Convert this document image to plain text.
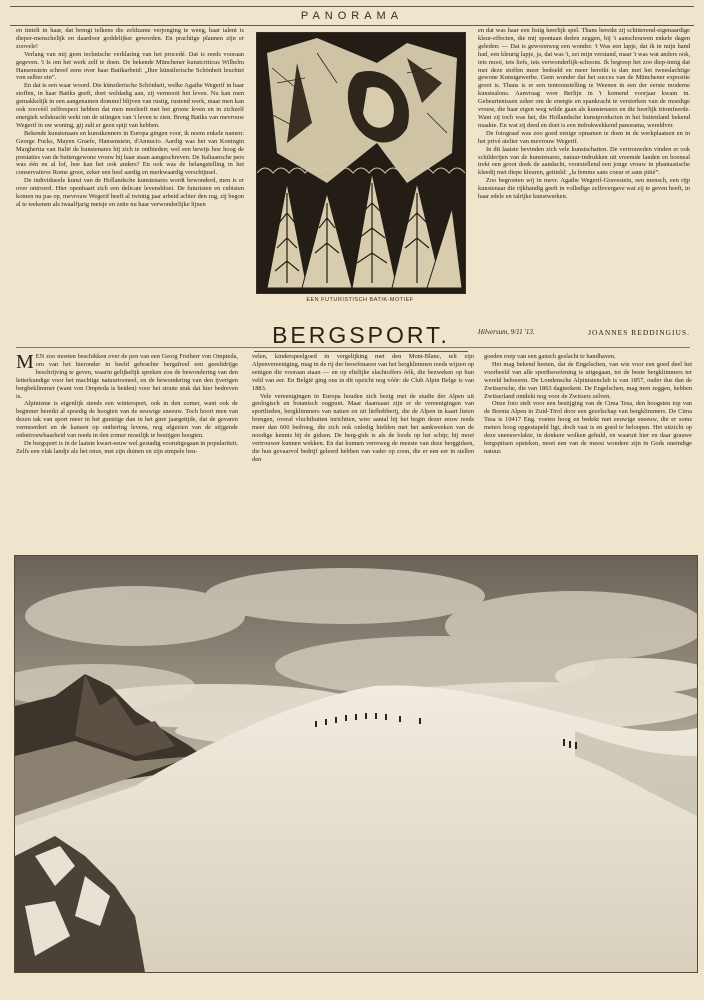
PANORAMA

en tintelt in haar, dat brengt telkens die zeldzame verjonging te weeg, haar talent is dieper-menschelijk en daardoor goddelijker geworden. En prachtige plannen zijn er zoovele!

Verlang van mij geen technische verklaring van het procedé. Dat is reeds vooraan gegeven. 't Is om het werk zelf te doen. De bekende Münchener kunstcriticus Wilhelm Hansenstein schreef eens over haar Batikarbeid: „Ihre künstlerische Schönheit leuchtet von selber ein”.

En dat is een waar woord. Die künstlerische Schönheit, welke Agathe Wegerif in haar stoffen, in haar Batiks geeft, doet weldadig aan, zij vermooit het leven. Nu kan men gemakkelijk in een aangenamen dommel blijven van rustig, rustend werk, maar men kan ook zoovéél zelfrespect hebben dat men meeleeft met het groote leven en in zichzelf energiek wilskracht wekt om de uitingen van 't leven te zien. Breng Batiks van mevrouw Wegerif in uw woning, gij zult er geen spijt van hebben.

Bekende kunstenaars en kunstkenners in Europa gingen voor, ik noem enkele namen: George Fucks, Mayen Graefe, Hansenstein, d'Annucio. Aardig was het van Koningin Margherita van Italië de kunstenares bij zich te ontbieden; wel een bewijs hoe hoog de prestaties van de buitengewone vrouw bij haar staan aangeschreven. De Italiaansche pers was één en al lof, hoe kan het ook anders? En ook was de belangstelling in het conservatieve Rome groot, zeker een heel aardig en merkwaardig verschijnsel.

De individueele kunst van de Hollandsche kunstenares wordt bewonderd, men is er over ontroerd. Hier openbaart zich een delicate levensbloei. De futuristen en cubisten komen nu pas op, mevrouw Wegerif heeft al twintig jaar arbeid achter den rug, zij begon al te teekenen als twaalfjarig meisje en zette nu haar verwonderlijke lijnen

EEN FUTURISTISCH BATIK-MOTIEF

en dat was haar een listig heerlijk spel. Thans bereikt zij schitterend-eigenaardige kleur-effecten, die mij spontaan deden zeggen, bij 't aanschouwen enkele dagen geleden: — Dat is gewoonweg een wonder. 't Was een lapje, dat ik in mijn hand had, een kleurig lapje, ja, dat was 't, zei mijn verstand, maar 't was wat anders ook, iets mooi, iets liefs, iets verwonderlijk-schoons. Ik begreep het zoo diep-innig dat met deze stoffen meer bedoeld en meer bereikt is dan met het tweeslachtige gewone Kunstgewerbe. Geen wonder dat het succes van de Münchener expositie groot is. Thans is er een tentoonstelling te Weenen in een der eerste moderne kunstsalons. Aanvraag voor Berlijn in 't komend voorjaar kwam in. Gebeurtenissen zeker om de energie en spankracht te versterken van de moedige vrouw, die haar eigen weg wilde gaan als kunstenares en die heerlijk triomfeerde. Want zij toch was het, die Hollandsche kunstproducten in het buitenland bekend maakte. En wat zij deed en doet is een indrukwekkend panorama, wereldver.

De fotograaf was zoo goed eenige opnamen te doen in de werkplaatsen en in het privé atelier van mevrouw Wegerif.

In dit laatste bevinden zich vele kunstschatten. De vertrouwden vinden er ook schilderijen van de kunstenares, natuur-indrukken uit vreemde landen en boeneal trekt een groot doek de aandacht, voorstellend een jonge vrouw in phantastische kleedij met diepe kleuren, getiteld: „la femme sans coeur et sans pitié”.

Zoo begroeten wij in mevr. Agathe Wegerif-Gravestein, een mensch, een rijp kunstenaar die rijkhandig geeft in volledige zelfovergave wat zij te geven heeft, in haar edele en talrijke kunstwerken.

Hilversum, 9/11 '13.	JOANNES REDDINGIUS.
BERGSPORT.

MEN zoo moeten beschikken over de pen van een Georg Freiherr von Ompteda, om van het hieronder in beeld gebrachte bergafreel een geeslidrijge beschrijving te geven, waarin gelijkelijk spreken zou de bewondering van den letterkundige voor het machtige natuurtooneel, en de bewondering van den ijverigen bergbeklimmer (want von Ompteda is beiden) voor het stoute stuk dat hier bedreven is.

Alpinisme is eigenlijk steeds een wintersport, ook in den zomer, want ook de beginner bereikt al spoedig de hoogten van de eeuwige sneeuw. Toch hoort men van dezen tak van sport meer in het gunstige dan in het gure jaargetijde, dat de gevaren vermeerdert en de kansen op ontbering levens, nog afgezien van de stijgende onbetrouwbaarheid van reeds in den zomer moeilijk te bestijgen hoogten.

De bergsport is in de laatste kwart-eeuw wel gestadig vooruitgegaan in populariteit. Zelfs een vlak landje als het onze, met zijn duinen en zijn simpele heu-

velen, kinderspeelgoed in vergelijking met den Mont-Blanc, telt zijn Alpenvereeniging, mag in de rij der beoefenaren van het bergklimmen reeds wijzen op eenigen die vooraan staan — en op eltelijke slachtoffers óók, die bezweken op hun veld van eer. En België ging ons in dit opzicht nog vóór: de Club Alpin Belge is van 1883.

Vele vereenigingen in Europa houden zich bezig met de studie der Alpen uit geologisch en botanisch oogpunt. Maar daarnaast zijn er de vereenigingen van sportlieden, bergklimmers van nature en uit liefhebberij, die de Alpen in kaart lieten brengen, overal vluchthutten inrichtten, wier aantal bij het begin dezer eeuw reeds meer dan 600 bedroeg, die zich ook onledig hielden met het aankweeken van de noodige kennis bij de gidsen. De berg-gids is als de loods op het schip; hij moet vertrouwer kunnen wekken. En dat kunnen verreweg de meeste van deze berggidsen, die hun gevaarvol bedrijf geleerd hebben van vader op zoon, die er een eer in stellen den

goeden roep van een gansch geslacht te handhaven.

Het mag bekend heeten, dat de Engelschen, van wie voor een goed deel het voorbeeld van alle sportbeoefening is uitgegaan, tot de beste bergklimmers ter wereld behooren. De Londensche Alpinistenclub is van 1857, ouder dus dan de Zwitsersche, die van 1863 dagteekent. De Engelschen, mag men zeggen, hebben Zwitserland ontdekt nog voor de Zwitsers zelven.

Onze foto stelt voor een bestijging van de Cima Tesa, den hoogsten top van de Brenta Alpen in Zuid-Tirol door een gezelschap van bergklimmers. De Cima Tesa is 10417 Eng. voeten hoog en bedekt met eeuwige sneeuw, die er soms meters hoog opgestapeld ligt, doch vast is en goed te beloopen. Het uitzicht op deze sneeuwvlakte, in donkere wolken gehuld, en waaruit hier en daar grauwe bergspitsen opsteken, moet een van de meest wondere zijn in Gods oneindige natuur.
